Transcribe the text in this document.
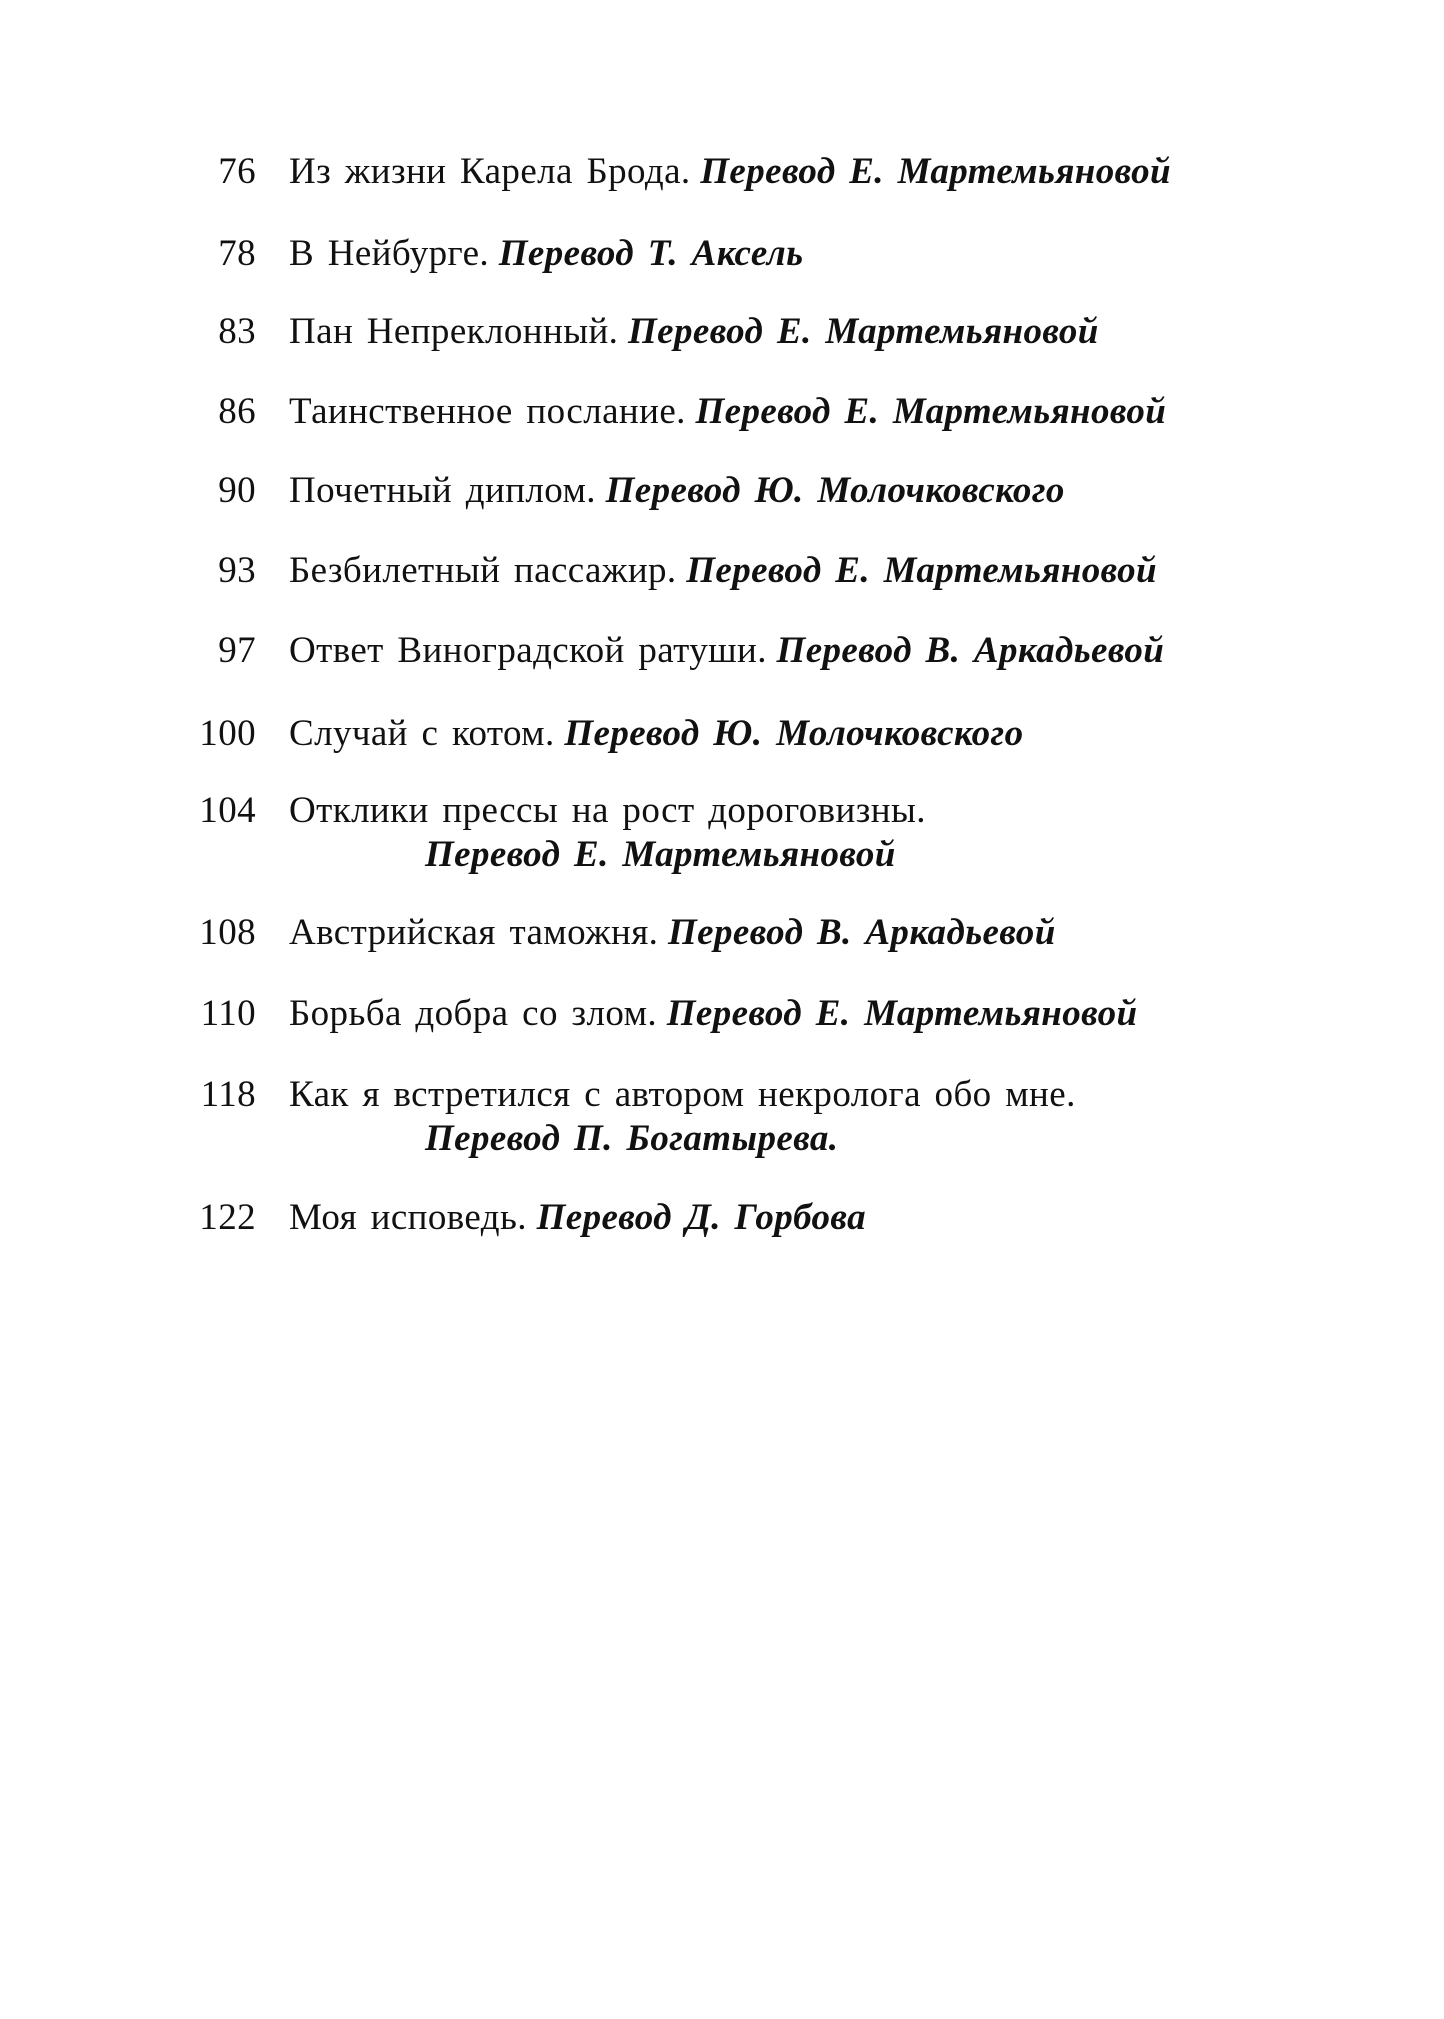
76 Из жизни Карела Брода. Перевод Е. Мартемьяновой
78 В Нейбурге. Перевод Т. Аксель
83 Пан Непреклонный. Перевод Е. Мартемьяновой
86 Таинственное послание. Перевод Е. Мартемьяновой
90 Почетный диплом. Перевод Ю. Молочковского
93 Безбилетный пассажир. Перевод Е. Мартемьяновой
97 Ответ Виноградской ратуши. Перевод В. Аркадьевой
100 Случай с котом. Перевод Ю. Молочковского
104 Отклики прессы на рост дороговизны.
Перевод Е. Мартемьяновой
108 Австрийская таможня. Перевод В. Аркадьевой
110 Борьба добра со злом. Перевод Е. Мартемьяновой
118 Как я встретился с автором некролога обо мне.
Перевод П. Богатырева.
122 Моя исповедь. Перевод Д. Горбова
